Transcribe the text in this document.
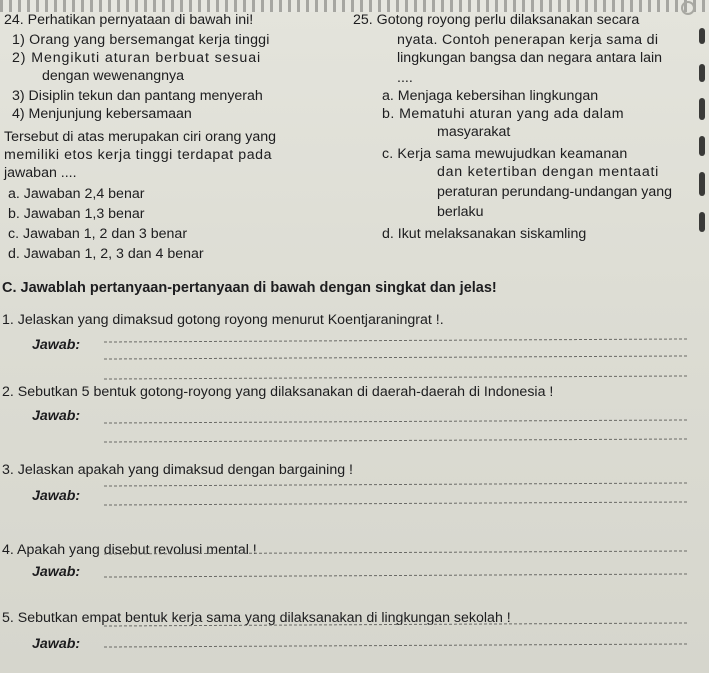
24. Perhatikan pernyataan di bawah ini!
1) Orang yang bersemangat kerja tinggi
2) Mengikuti aturan berbuat sesuai
dengan wewenangnya
3) Disiplin tekun dan pantang menyerah
4) Menjunjung kebersamaan
Tersebut di atas merupakan ciri orang yang
memiliki etos kerja tinggi terdapat pada
jawaban ....
a. Jawaban 2,4 benar
b. Jawaban 1,3 benar
c. Jawaban 1, 2 dan 3 benar
d. Jawaban 1, 2, 3 dan 4 benar
25. Gotong royong perlu dilaksanakan secara
nyata. Contoh penerapan kerja sama di
lingkungan bangsa dan negara antara lain
....
a. Menjaga kebersihan lingkungan
b. Mematuhi aturan yang ada dalam
masyarakat
c. Kerja sama mewujudkan keamanan
dan ketertiban dengan mentaati
peraturan perundang-undangan yang
berlaku
d. Ikut melaksanakan siskamling
C. Jawablah pertanyaan-pertanyaan di bawah dengan singkat dan jelas!
1. Jelaskan yang dimaksud gotong royong menurut Koentjaraningrat !.
Jawab:
2. Sebutkan 5 bentuk gotong-royong yang dilaksanakan di daerah-daerah di Indonesia !
Jawab:
3. Jelaskan apakah yang dimaksud dengan bargaining !
Jawab:
4. Apakah yang disebut revolusi mental !
Jawab:
5. Sebutkan empat bentuk kerja sama yang dilaksanakan di lingkungan sekolah !
Jawab:
